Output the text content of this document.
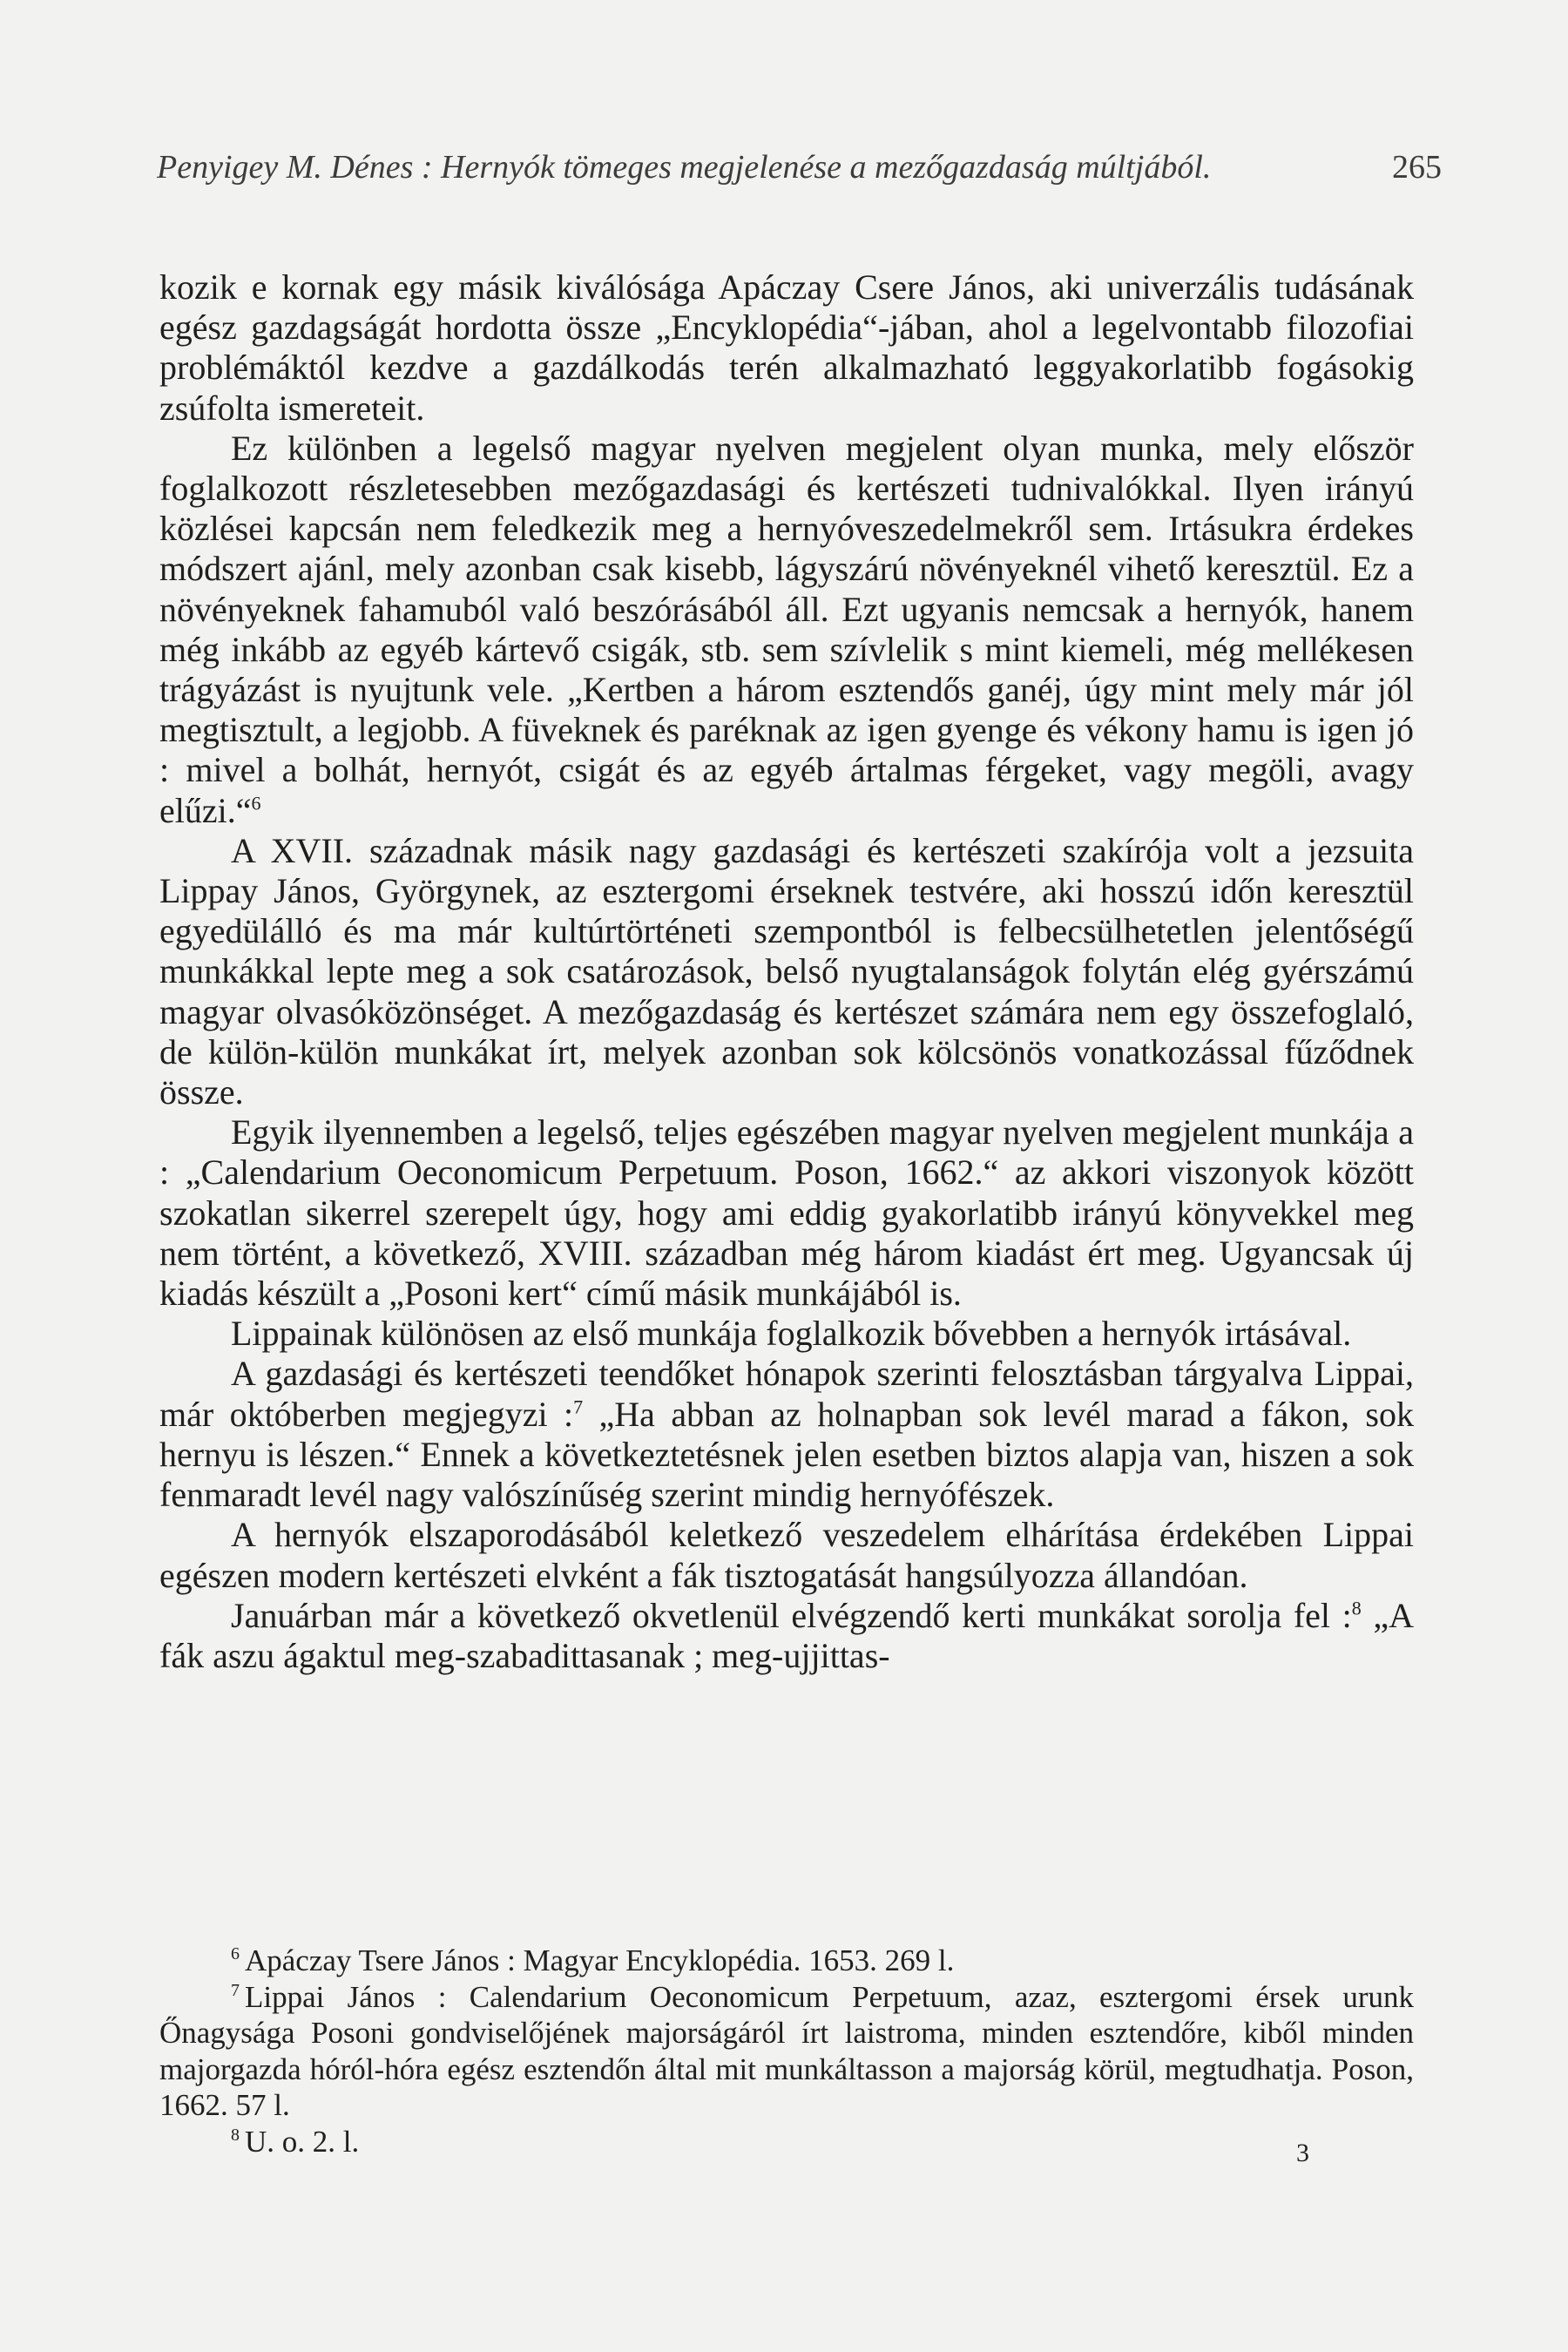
Penyigey M. Dénes : Hernyók tömeges megjelenése a mezőgazdaság múltjából.	265

kozik e kornak egy másik kiválósága Apáczay Csere János, aki univerzális tudásának egész gazdagságát hordotta össze „Encyklopédia“-jában, ahol a legelvontabb filozofiai problémáktól kezdve a gazdálkodás terén alkalmazható leggyakorlatibb fogásokig zsúfolta ismereteit.

Ez különben a legelső magyar nyelven megjelent olyan munka, mely először foglalkozott részletesebben mezőgazdasági és kertészeti tudnivalókkal. Ilyen irányú közlései kapcsán nem feledkezik meg a hernyóveszedelmekről sem. Irtásukra érdekes módszert ajánl, mely azonban csak kisebb, lágyszárú növényeknél vihető keresztül. Ez a növényeknek fahamuból való beszórásából áll. Ezt ugyanis nemcsak a hernyók, hanem még inkább az egyéb kártevő csigák, stb. sem szívlelik s mint kiemeli, még mellékesen trágyázást is nyujtunk vele. „Kertben a három esztendős ganéj, úgy mint mely már jól megtisztult, a legjobb. A füveknek és paréknak az igen gyenge és vékony hamu is igen jó : mivel a bolhát, hernyót, csigát és az egyéb ártalmas férgeket, vagy megöli, avagy elűzi.“$^6$

A XVII. századnak másik nagy gazdasági és kertészeti szakírója volt a jezsuita Lippay János, Györgynek, az esztergomi érseknek testvére, aki hosszú időn keresztül egyedülálló és ma már kultúrtörténeti szempontból is felbecsülhetetlen jelentőségű munkákkal lepte meg a sok csatározások, belső nyugtalanságok folytán elég gyérszámú magyar olvasóközönséget. A mezőgazdaság és kertészet számára nem egy összefoglaló, de külön-külön munkákat írt, melyek azonban sok kölcsönös vonatkozással fűződnek össze.

Egyik ilyennemben a legelső, teljes egészében magyar nyelven megjelent munkája a : „Calendarium Oeconomicum Perpetuum. Poson, 1662.“ az akkori viszonyok között szokatlan sikerrel szerepelt úgy, hogy ami eddig gyakorlatibb irányú könyvekkel meg nem történt, a következő, XVIII. században még három kiadást ért meg. Ugyancsak új kiadás készült a „Posoni kert“ című másik munkájából is.

Lippainak különösen az első munkája foglalkozik bővebben a hernyók irtásával.

A gazdasági és kertészeti teendőket hónapok szerinti felosztásban tárgyalva Lippai, már októberben megjegyzi :$^7$ „Ha abban az holnapban sok levél marad a fákon, sok hernyu is lészen.“ Ennek a következtetésnek jelen esetben biztos alapja van, hiszen a sok fenmaradt levél nagy valószínűség szerint mindig hernyófészek.

A hernyók elszaporodásából keletkező veszedelem elhárítása érdekében Lippai egészen modern kertészeti elvként a fák tisztogatását hangsúlyozza állandóan.

Januárban már a következő okvetlenül elvégzendő kerti munkákat sorolja fel :$^8$ „A fák aszu ágaktul meg-szabadittasanak ; meg-ujjittas-

$^6$ Apáczay Tsere János : Magyar Encyklopédia. 1653. 269 l.

$^7$ Lippai János : Calendarium Oeconomicum Perpetuum, azaz, esztergomi érsek urunk Őnagysága Posoni gondviselőjének majorságáról írt laistroma, minden esztendőre, kiből minden majorgazda hóról-hóra egész esztendőn által mit munkáltasson a majorság körül, megtudhatja. Poson, 1662. 57 l.

$^8$ U. o. 2. l.	3
